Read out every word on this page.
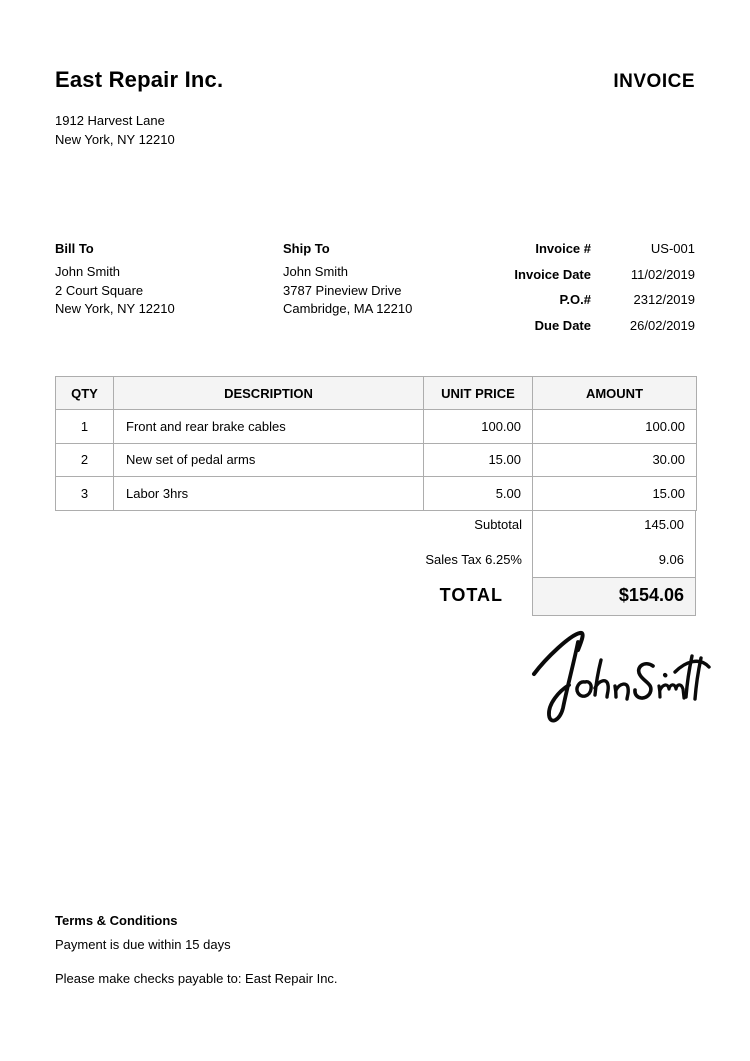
East Repair Inc.	INVOICE
1912 Harvest Lane
New York, NY 12210
Bill To
John Smith
2 Court Square
New York, NY 12210
Ship To
John Smith
3787 Pineview Drive
Cambridge, MA 12210
Invoice #	US-001
Invoice Date	11/02/2019
P.O.#	2312/2019
Due Date	26/02/2019
QTY	DESCRIPTION	UNIT PRICE	AMOUNT
1	Front and rear brake cables	100.00	100.00
2	New set of pedal arms	15.00	30.00
3	Labor 3hrs	5.00	15.00
Subtotal	145.00
Sales Tax 6.25%	9.06
TOTAL	$154.06
Terms & Conditions
Payment is due within 15 days
Please make checks payable to: East Repair Inc.
